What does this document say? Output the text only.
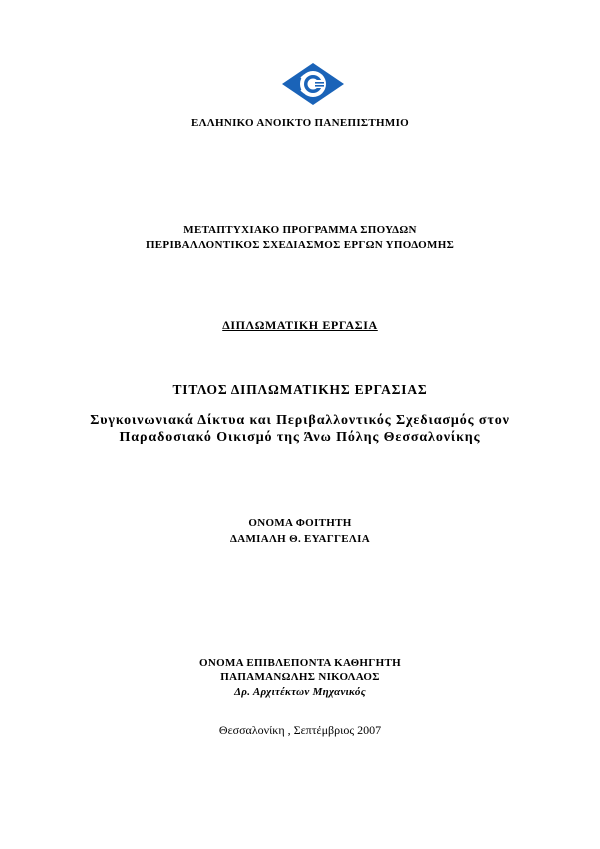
ΕΛΛΗΝΙΚΟ ΑΝΟΙΚΤΟ ΠΑΝΕΠΙΣΤΗΜΙΟ

ΜΕΤΑΠΤΥΧΙΑΚΟ ΠΡΟΓΡΑΜΜΑ ΣΠΟΥΔΩΝ

ΠΕΡΙΒΑΛΛΟΝΤΙΚΟΣ ΣΧΕΔΙΑΣΜΟΣ ΕΡΓΩΝ ΥΠΟΔΟΜΗΣ

ΔΙΠΛΩΜΑΤΙΚΗ ΕΡΓΑΣΙΑ

ΤΙΤΛΟΣ ΔΙΠΛΩΜΑΤΙΚΗΣ ΕΡΓΑΣΙΑΣ

Συγκοινωνιακά Δίκτυα και Περιβαλλοντικός Σχεδιασμός στον

Παραδοσιακό Οικισμό της Άνω Πόλης Θεσσαλονίκης

ΟΝΟΜΑ ΦΟΙΤΗΤΗ

ΔΑΜΙΑΛΗ Θ. ΕΥΑΓΓΕΛΙΑ

ΟΝΟΜΑ ΕΠΙΒΛΕΠΟΝΤΑ ΚΑΘΗΓΗΤΗ

ΠΑΠΑΜΑΝΩΛΗΣ ΝΙΚΟΛΑΟΣ

Δρ. Αρχιτέκτων Μηχανικός

Θεσσαλονίκη , Σεπτέμβριος 2007
